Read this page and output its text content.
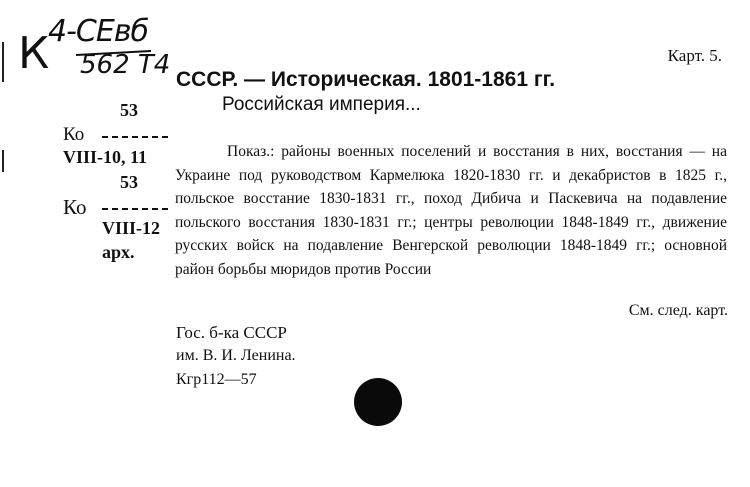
К
4-СЕвб
562 Т4	Карт. 5.
53
Ко
VIII-10, 11
53
Ко
VIII-12
арх.
СССР. — Историческая. 1801-1861 гг.
Российская империя...
Показ.: районы военных поселений и восстания в них, восстания — на Украине под руководством Кармелюка 1820-1830 гг. и декабристов в 1825 г., польское восстание 1830-1831 гг., поход Дибича и Паскевича на подавление польского восстания 1830-1831 гг.; центры революции 1848-1849 гг., движение русских войск на подавление Венгерской революции 1848-1849 гг.; основной район борьбы мюридов против России
См. след. карт.
Гос. б-ка СССР
им. В. И. Ленина.
Кгр112—57
